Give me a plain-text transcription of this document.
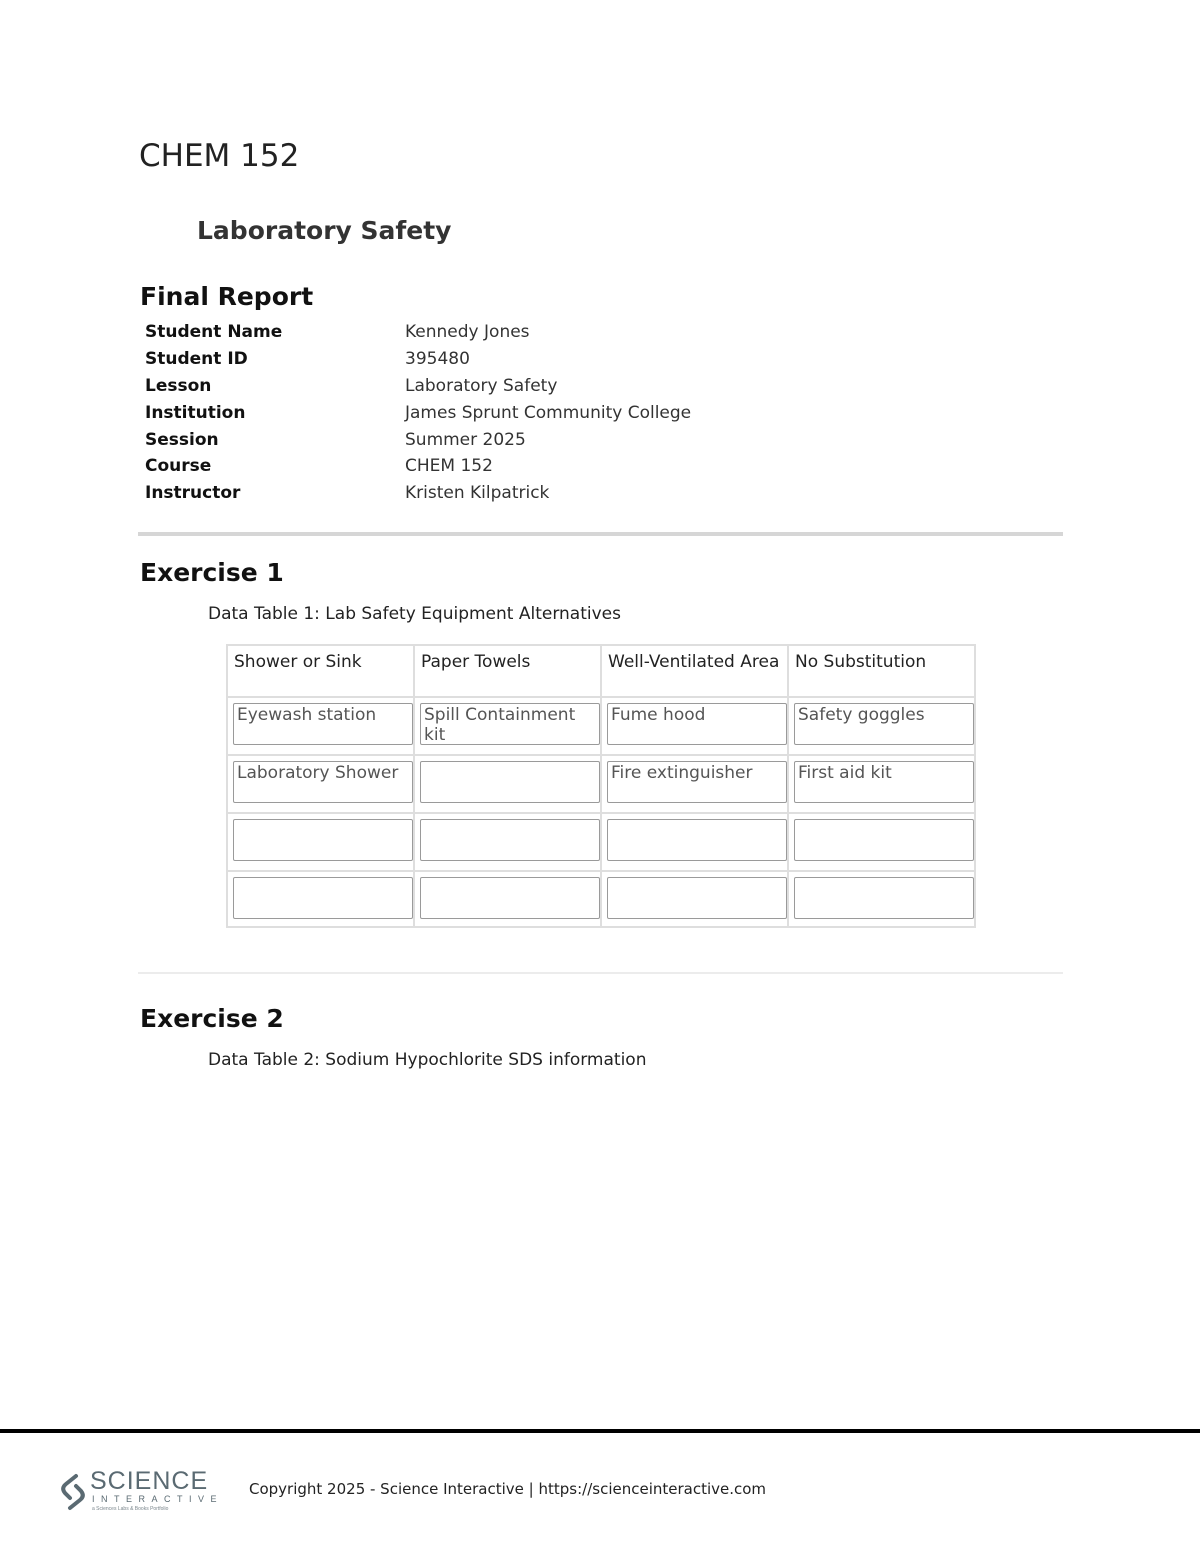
CHEM 152
Laboratory Safety
Final Report
Student Name	Kennedy Jones
Student ID	395480
Lesson	Laboratory Safety
Institution	James Sprunt Community College
Session	Summer 2025
Course	CHEM 152
Instructor	Kristen Kilpatrick
Exercise 1

Data Table 1: Lab Safety Equipment Alternatives

Shower or Sink	Paper Towels	Well-Ventilated Area	No Substitution

Eyewash station	Spill Containment kit	Fume hood	Safety goggles

Laboratory Shower		Fire extinguisher	First aid kit

Exercise 2

Data Table 2: Sodium Hypochlorite SDS information

SCIENCE
INTERACTIVE
a Sciences Labs & Books Portfolio

Copyright 2025 - Science Interactive | https://scienceinteractive.com
